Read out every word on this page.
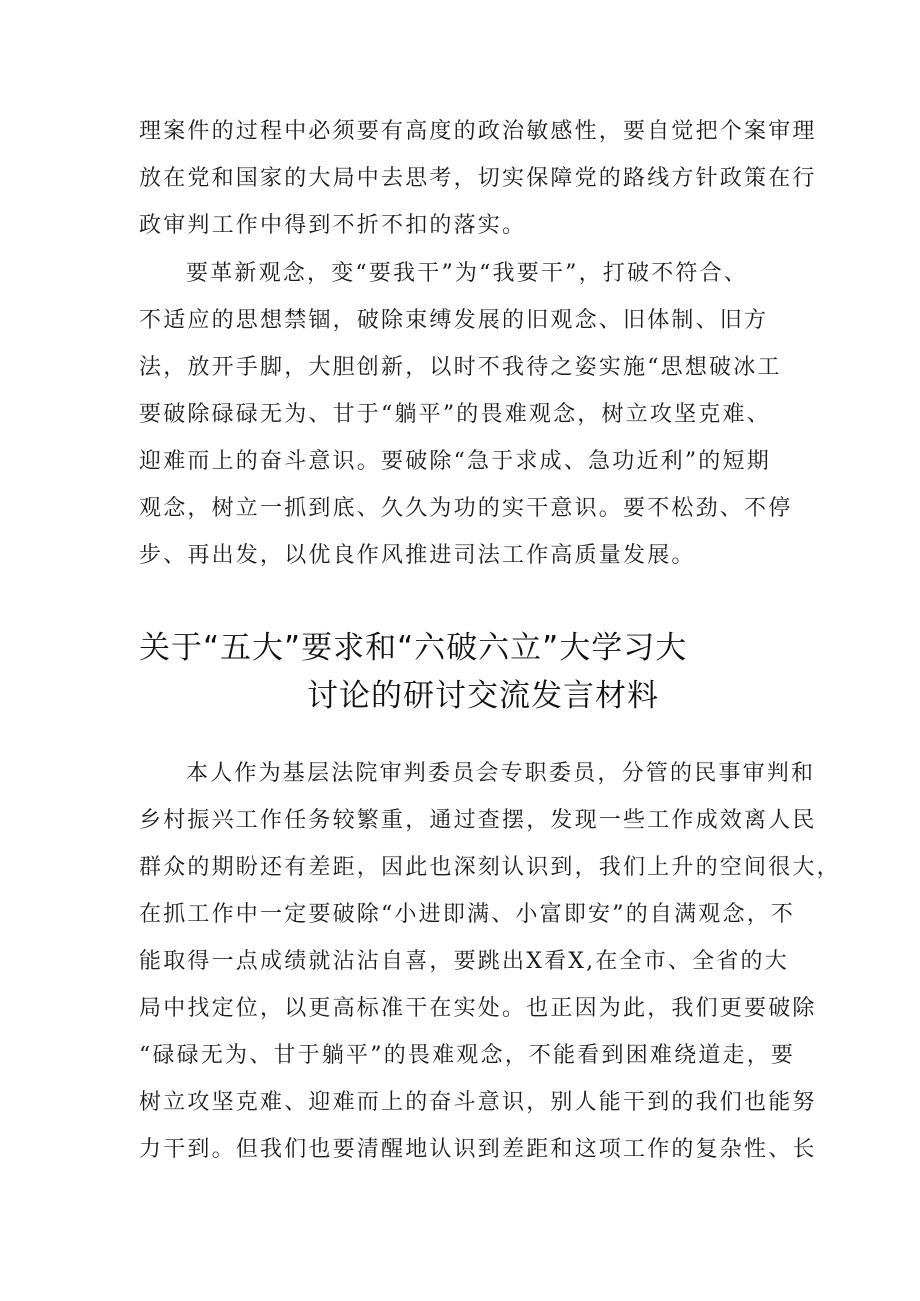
理案件的过程中必须要有高度的政治敏感性，要自觉把个案审理
放在党和国家的大局中去思考，切实保障党的路线方针政策在行
政审判工作中得到不折不扣的落实。
要革新观念，变“要我干”为“我要干”，打破不符合、
不适应的思想禁锢，破除束缚发展的旧观念、旧体制、旧方
法，放开手脚，大胆创新，以时不我待之姿实施“思想破冰工
要破除碌碌无为、甘于“躺平”的畏难观念，树立攻坚克难、
迎难而上的奋斗意识。要破除“急于求成、急功近利”的短期
观念，树立一抓到底、久久为功的实干意识。要不松劲、不停
步、再出发，以优良作风推进司法工作高质量发展。
关于“五大”要求和“六破六立”大学习大
讨论的研讨交流发言材料
本人作为基层法院审判委员会专职委员，分管的民事审判和
乡村振兴工作任务较繁重，通过查摆，发现一些工作成效离人民
群众的期盼还有差距，因此也深刻认识到，我们上升的空间很大，
在抓工作中一定要破除“小进即满、小富即安”的自满观念，不
能取得一点成绩就沾沾自喜，要跳出X看X,在全市、全省的大
局中找定位，以更高标准干在实处。也正因为此，我们更要破除
“碌碌无为、甘于躺平”的畏难观念，不能看到困难绕道走，要
树立攻坚克难、迎难而上的奋斗意识，别人能干到的我们也能努
力干到。但我们也要清醒地认识到差距和这项工作的复杂性、长
